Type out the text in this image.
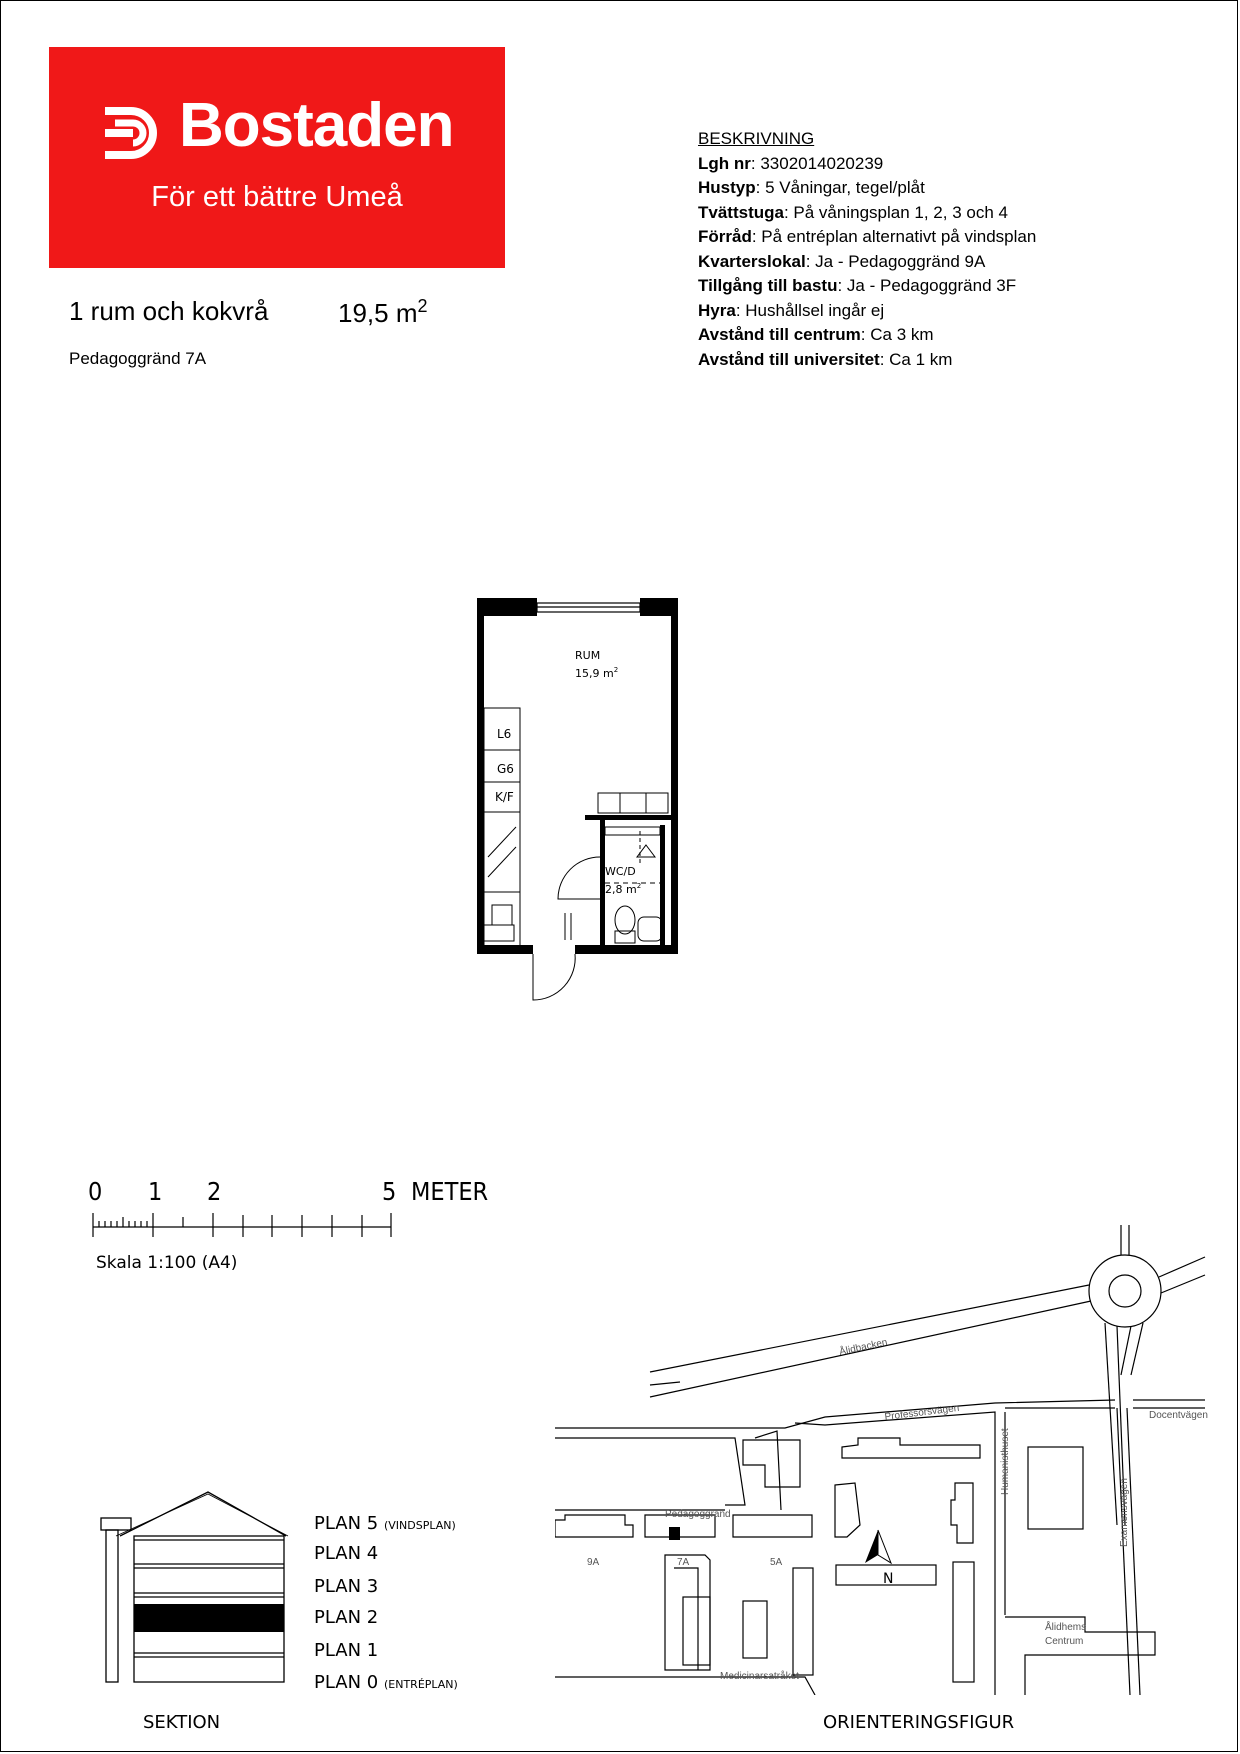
Bostaden
För ett bättre Umeå
1 rum och kokvrå	19,5 $m^2$
Pedagoggränd 7A
BESKRIVNING
Lgh nr: 3302014020239
Hustyp: 5 Våningar, tegel/plåt
Tvättstuga: På våningsplan 1, 2, 3 och 4
Förråd: På entréplan alternativt på vindsplan
Kvarterslokal: Ja - Pedagoggränd 9A
Tillgång till bastu: Ja - Pedagoggränd 3F
Hyra: Hushållsel ingår ej
Avstånd till centrum: Ca 3 km
Avstånd till universitet: Ca 1 km
RUM
15,9 $m^2$
L6
G6
K/F
WC/D
2,8 $m^2$
0 1 2	5 METER
Skala 1:100 (A4)
PLAN 5 (VINDSPLAN)
PLAN 4
PLAN 3
PLAN 2
PLAN 1
PLAN 0 (ENTRÉPLAN)
SEKTION
N
Ålidbacken
Professorsvägen	Docentvägen
Humanisthuset
Examensvägen
Pedagoggränd
Medicinarsatråket
9A	7A	5A
Ålidhems
Centrum
ORIENTERINGSFIGUR
